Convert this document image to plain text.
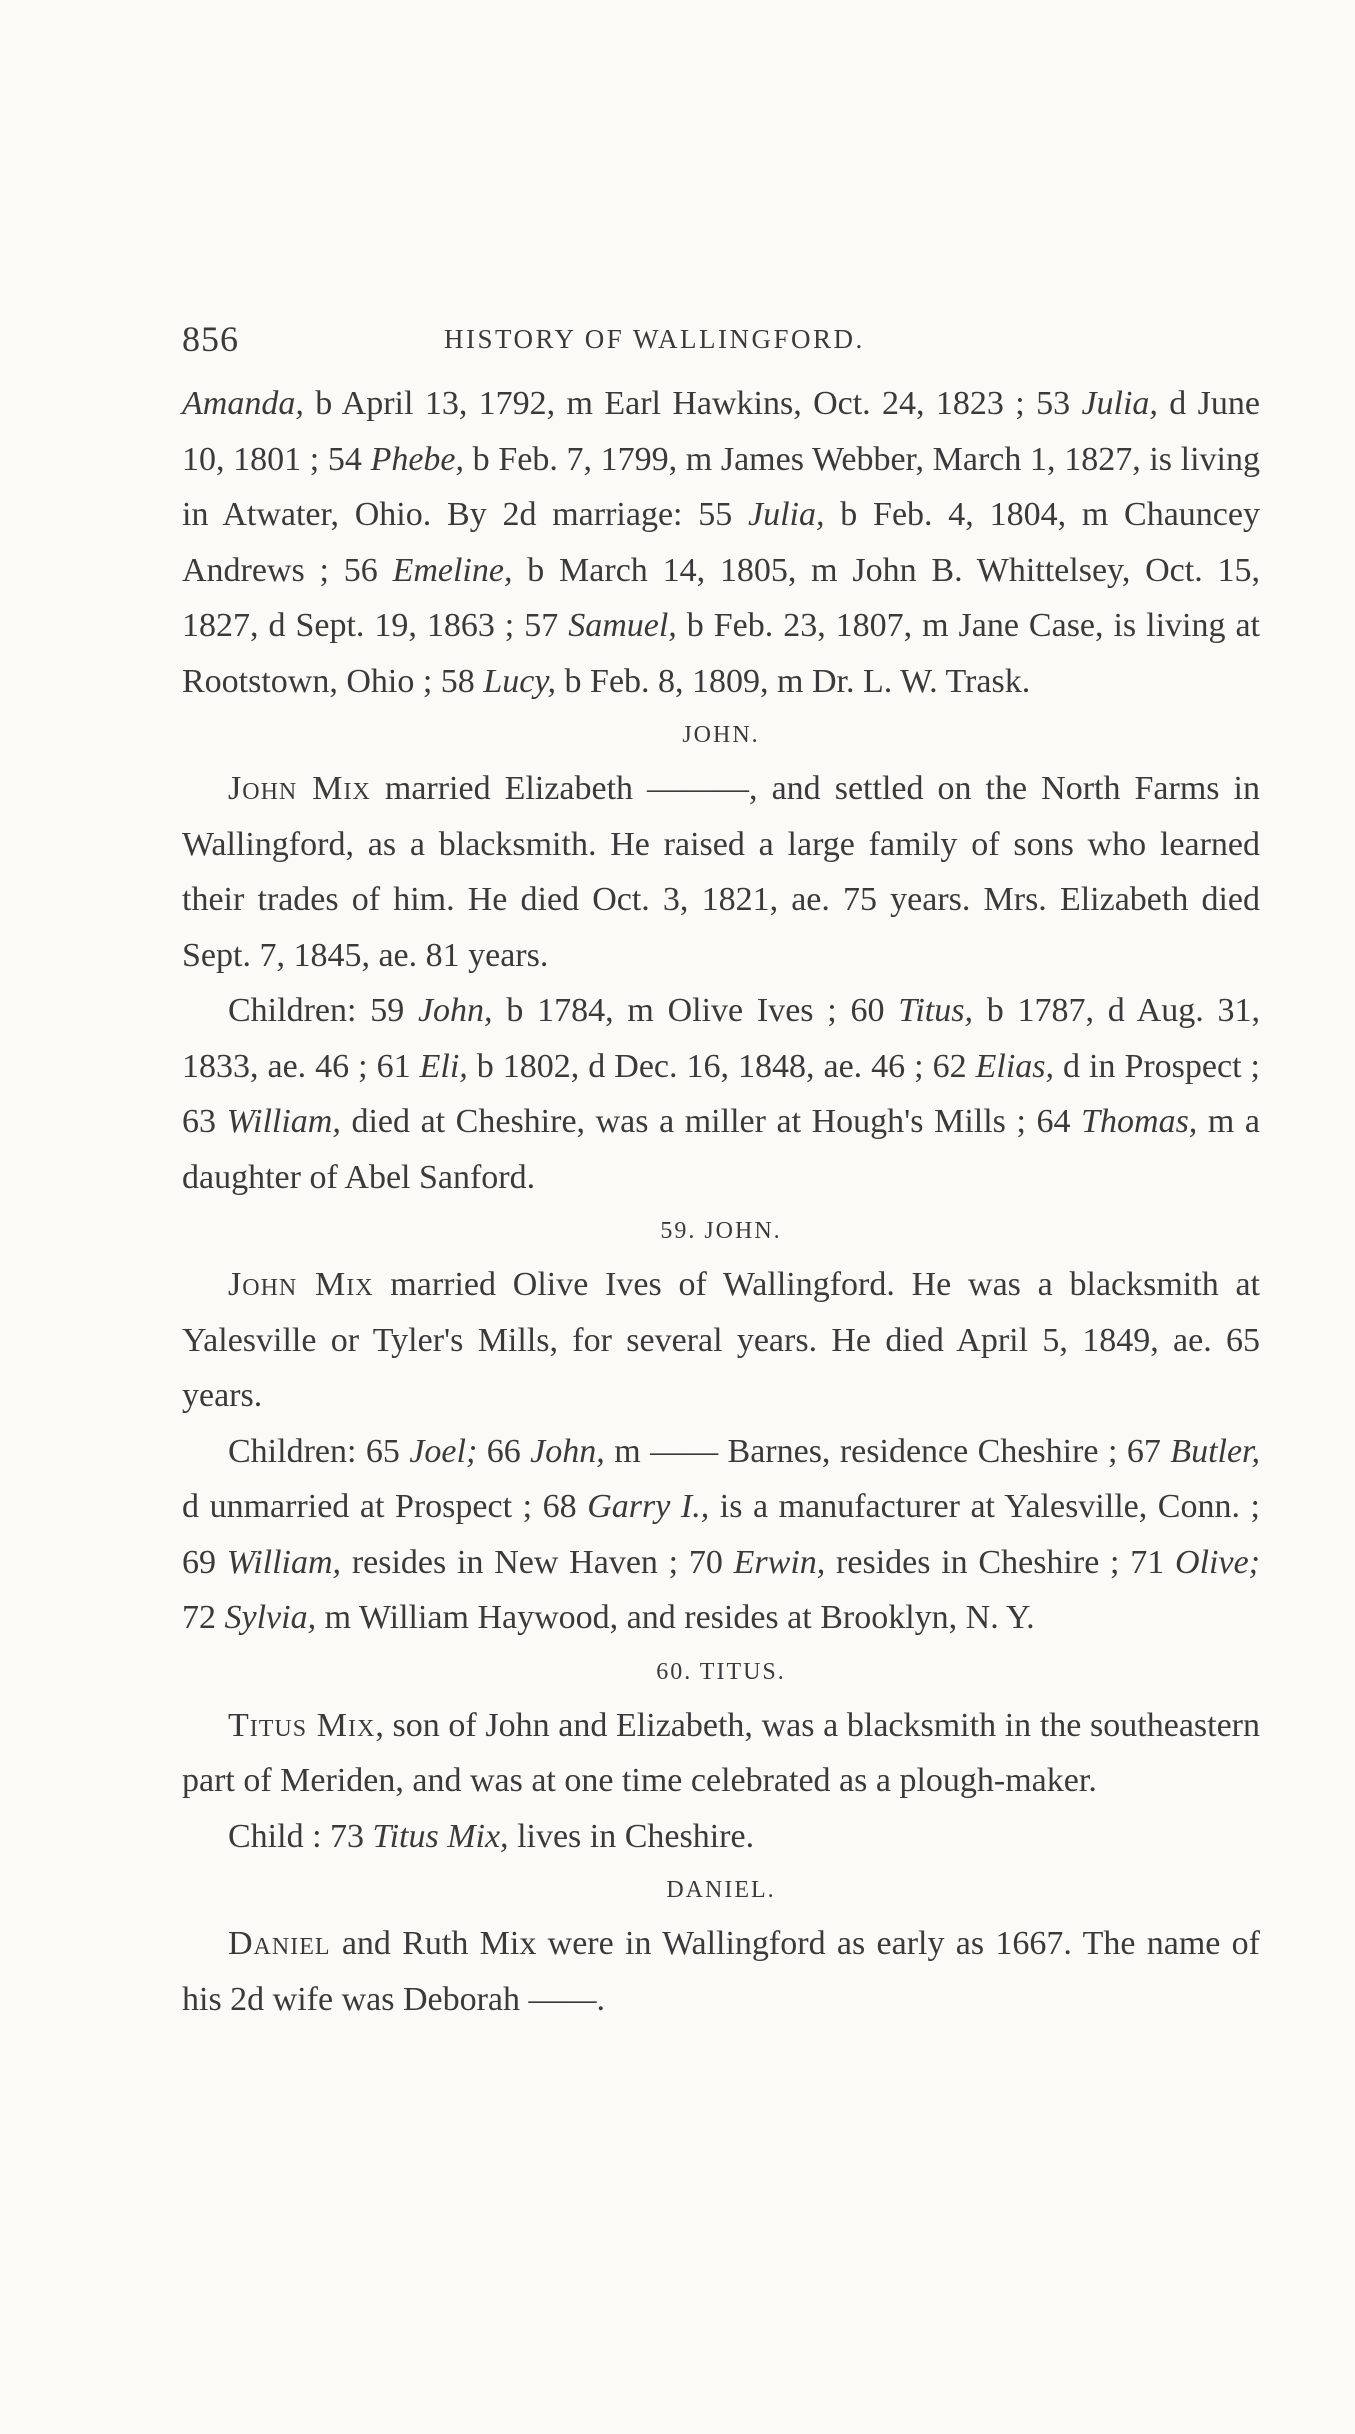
856	HISTORY OF WALLINGFORD.

Amanda, b April 13, 1792, m Earl Hawkins, Oct. 24, 1823 ; 53 Julia, d June 10, 1801 ; 54 Phebe, b Feb. 7, 1799, m James Webber, March 1, 1827, is living in Atwater, Ohio. By 2d marriage: 55 Julia, b Feb. 4, 1804, m Chauncey Andrews ; 56 Emeline, b March 14, 1805, m John B. Whittelsey, Oct. 15, 1827, d Sept. 19, 1863 ; 57 Samuel, b Feb. 23, 1807, m Jane Case, is living at Rootstown, Ohio ; 58 Lucy, b Feb. 8, 1809, m Dr. L. W. Trask.

JOHN.

John Mix married Elizabeth ———, and settled on the North Farms in Wallingford, as a blacksmith. He raised a large family of sons who learned their trades of him. He died Oct. 3, 1821, ae. 75 years. Mrs. Elizabeth died Sept. 7, 1845, ae. 81 years.

Children: 59 John, b 1784, m Olive Ives ; 60 Titus, b 1787, d Aug. 31, 1833, ae. 46 ; 61 Eli, b 1802, d Dec. 16, 1848, ae. 46 ; 62 Elias, d in Prospect ; 63 William, died at Cheshire, was a miller at Hough's Mills ; 64 Thomas, m a daughter of Abel Sanford.

59. JOHN.

John Mix married Olive Ives of Wallingford. He was a blacksmith at Yalesville or Tyler's Mills, for several years. He died April 5, 1849, ae. 65 years.

Children: 65 Joel; 66 John, m —— Barnes, residence Cheshire ; 67 Butler, d unmarried at Prospect ; 68 Garry I., is a manufacturer at Yalesville, Conn. ; 69 William, resides in New Haven ; 70 Erwin, resides in Cheshire ; 71 Olive; 72 Sylvia, m William Haywood, and resides at Brooklyn, N. Y.

60. TITUS.

Titus Mix, son of John and Elizabeth, was a blacksmith in the southeastern part of Meriden, and was at one time celebrated as a plough-maker.

Child : 73 Titus Mix, lives in Cheshire.

DANIEL.

Daniel and Ruth Mix were in Wallingford as early as 1667. The name of his 2d wife was Deborah ——.
